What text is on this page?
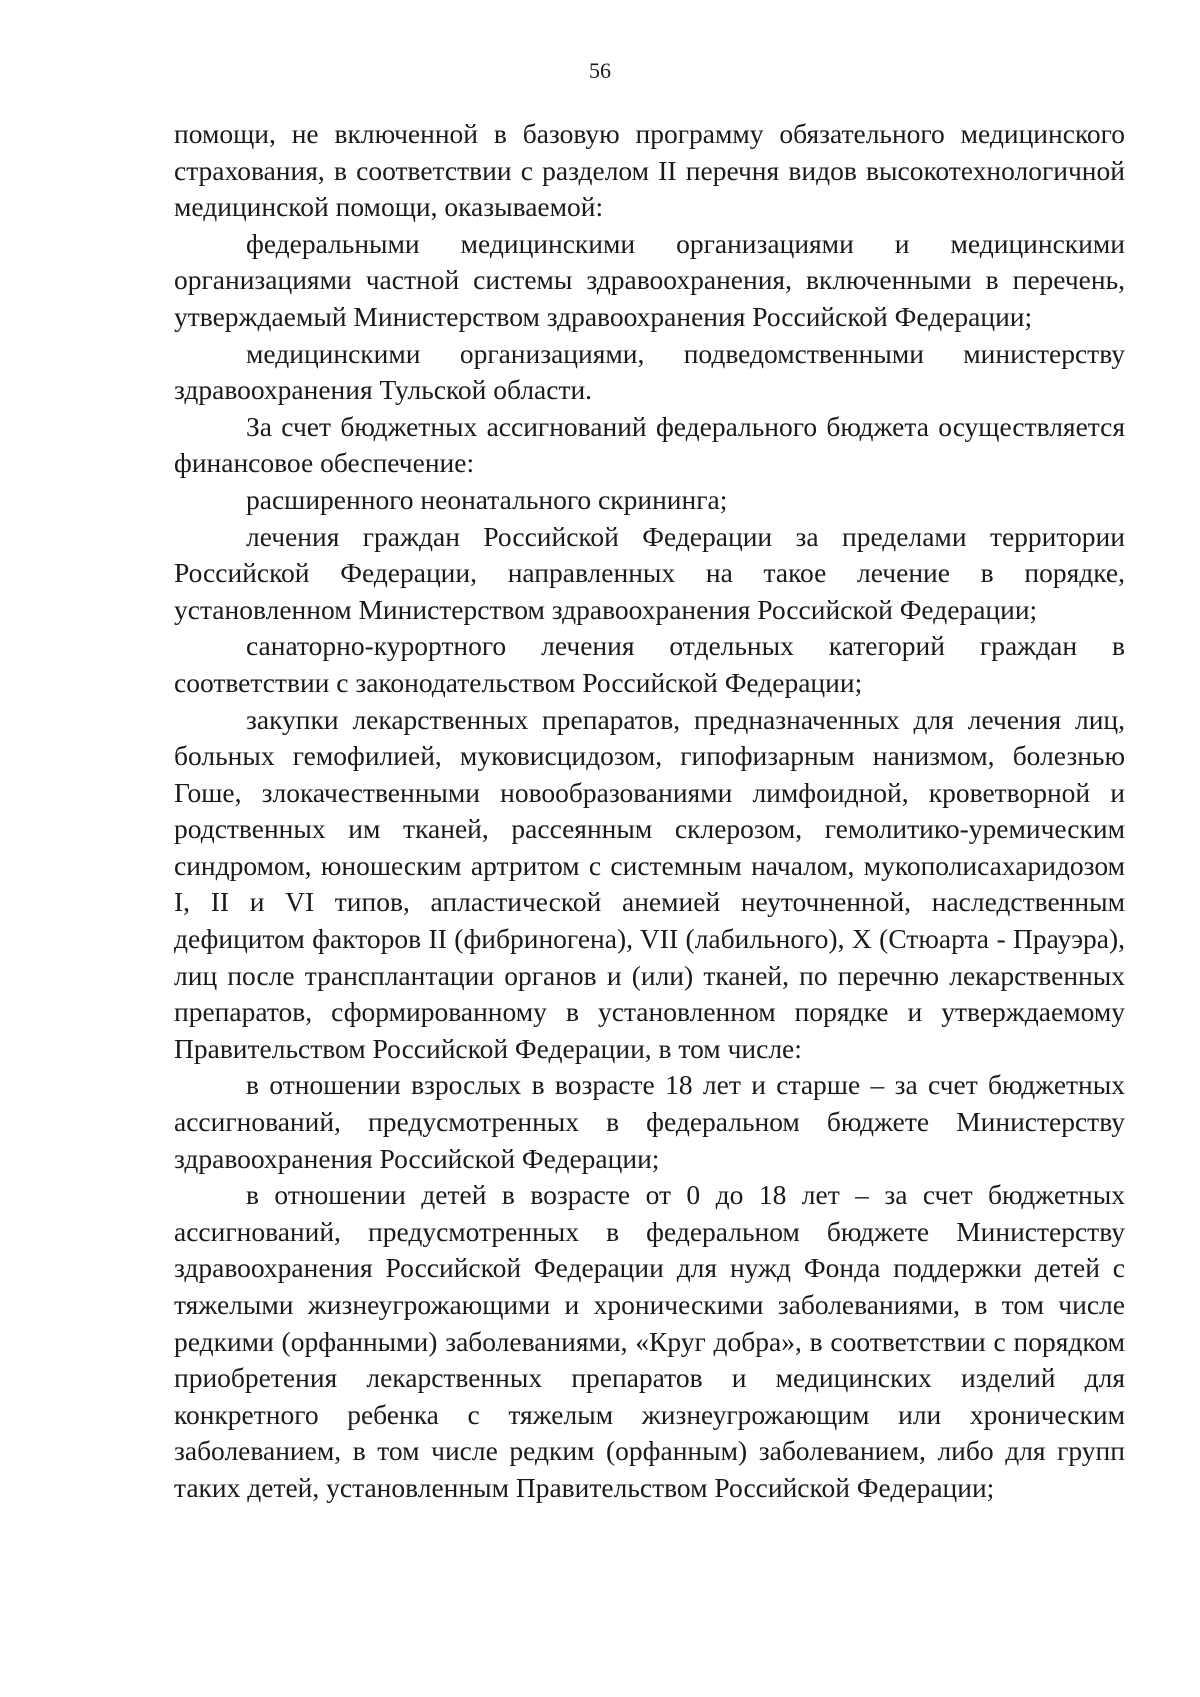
56

помощи, не включенной в базовую программу обязательного медицинского страхования, в соответствии с разделом II перечня видов высокотехнологичной медицинской помощи, оказываемой:

федеральными медицинскими организациями и медицинскими организациями частной системы здравоохранения, включенными в перечень, утверждаемый Министерством здравоохранения Российской Федерации;

медицинскими организациями, подведомственными министерству здравоохранения Тульской области.

За счет бюджетных ассигнований федерального бюджета осуществляется финансовое обеспечение:

расширенного неонатального скрининга;

лечения граждан Российской Федерации за пределами территории Российской Федерации, направленных на такое лечение в порядке, установленном Министерством здравоохранения Российской Федерации;

санаторно-курортного лечения отдельных категорий граждан в соответствии с законодательством Российской Федерации;

закупки лекарственных препаратов, предназначенных для лечения лиц, больных гемофилией, муковисцидозом, гипофизарным нанизмом, болезнью Гоше, злокачественными новообразованиями лимфоидной, кроветворной и родственных им тканей, рассеянным склерозом, гемолитико-уремическим синдромом, юношеским артритом с системным началом, мукополисахаридозом I, II и VI типов, апластической анемией неуточненной, наследственным дефицитом факторов II (фибриногена), VII (лабильного), X (Стюарта - Прауэра), лиц после трансплантации органов и (или) тканей, по перечню лекарственных препаратов, сформированному в установленном порядке и утверждаемому Правительством Российской Федерации, в том числе:

в отношении взрослых в возрасте 18 лет и старше – за счет бюджетных ассигнований, предусмотренных в федеральном бюджете Министерству здравоохранения Российской Федерации;

в отношении детей в возрасте от 0 до 18 лет – за счет бюджетных ассигнований, предусмотренных в федеральном бюджете Министерству здравоохранения Российской Федерации для нужд Фонда поддержки детей с тяжелыми жизнеугрожающими и хроническими заболеваниями, в том числе редкими (орфанными) заболеваниями, «Круг добра», в соответствии с порядком приобретения лекарственных препаратов и медицинских изделий для конкретного ребенка с тяжелым жизнеугрожающим или хроническим заболеванием, в том числе редким (орфанным) заболеванием, либо для групп таких детей, установленным Правительством Российской Федерации;
